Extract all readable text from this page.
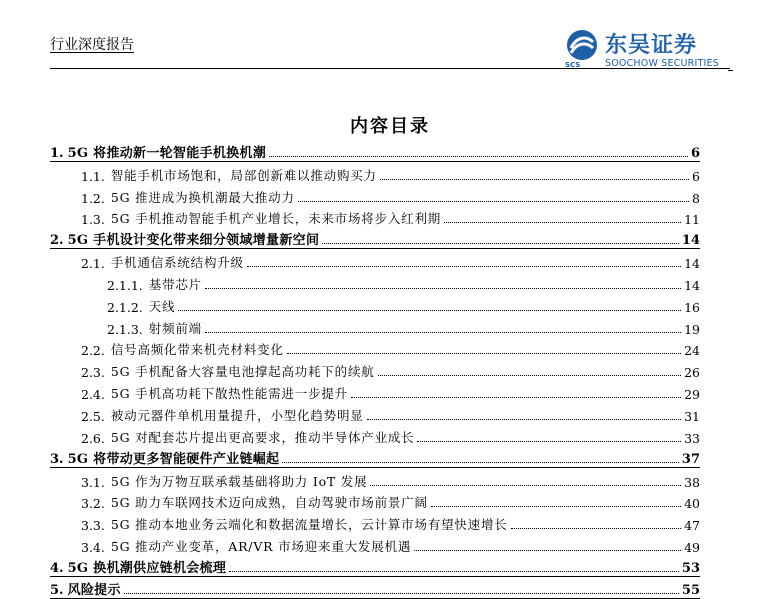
行业深度报告	东吴证券
SCS	SOOCHOW SECURITIES
内容目录
1. 5G 将推动新一轮智能手机换机潮	6
1.1. 智能手机市场饱和，局部创新难以推动购买力	6
1.2. 5G 推进成为换机潮最大推动力	8
1.3. 5G 手机推动智能手机产业增长，未来市场将步入红利期	11
2. 5G 手机设计变化带来细分领域增量新空间	14
2.1. 手机通信系统结构升级	14
2.1.1. 基带芯片	14
2.1.2. 天线	16
2.1.3. 射频前端	19
2.2. 信号高频化带来机壳材料变化	24
2.3. 5G 手机配备大容量电池撑起高功耗下的续航	26
2.4. 5G 手机高功耗下散热性能需进一步提升	29
2.5. 被动元器件单机用量提升，小型化趋势明显	31
2.6. 5G 对配套芯片提出更高要求，推动半导体产业成长	33
3. 5G 将带动更多智能硬件产业链崛起	37
3.1. 5G 作为万物互联承载基础将助力 IoT 发展	38
3.2. 5G 助力车联网技术迈向成熟，自动驾驶市场前景广阔	40
3.3. 5G 推动本地业务云端化和数据流量增长，云计算市场有望快速增长	47
3.4. 5G 推动产业变革，AR/VR 市场迎来重大发展机遇	49
4. 5G 换机潮供应链机会梳理	53
5. 风险提示	55
